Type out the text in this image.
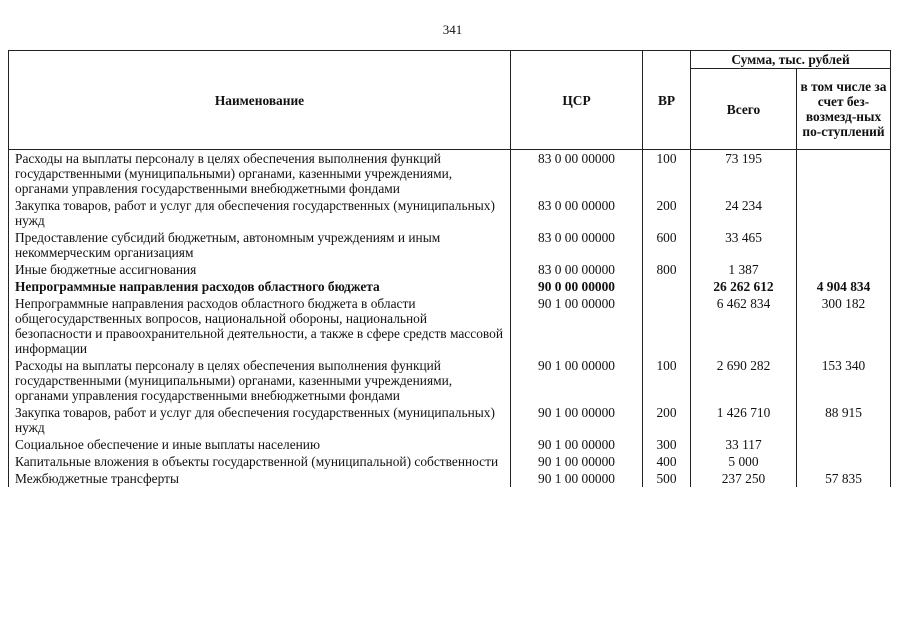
341
Наименование	ЦСР	ВР	Сумма, тыс. рублей	
			Всего	в том числе за счет без-возмезд-ных по-ступлений
Расходы на выплаты персоналу в целях обеспечения выполнения функций государственными (муниципальными) органами, казенными учреждениями, органами управления государственными внебюджетными фондами	83 0 00 00000	100	73 195	
Закупка товаров, работ и услуг для обеспечения государственных (муниципальных) нужд	83 0 00 00000	200	24 234	
Предоставление субсидий бюджетным, автономным учреждениям и иным некоммерческим организациям	83 0 00 00000	600	33 465	
Иные бюджетные ассигнования	83 0 00 00000	800	1 387	
Непрограммные направления расходов областного бюджета	90 0 00 00000		26 262 612	4 904 834
Непрограммные направления расходов областного бюджета в области общегосударственных вопросов, национальной обороны, национальной безопасности и правоохранительной деятельности, а также в сфере средств массовой информации	90 1 00 00000		6 462 834	300 182
Расходы на выплаты персоналу в целях обеспечения выполнения функций государственными (муниципальными) органами, казенными учреждениями, органами управления государственными внебюджетными фондами	90 1 00 00000	100	2 690 282	153 340
Закупка товаров, работ и услуг для обеспечения государственных (муниципальных) нужд	90 1 00 00000	200	1 426 710	88 915
Социальное обеспечение и иные выплаты населению	90 1 00 00000	300	33 117	
Капитальные вложения в объекты государственной (муниципальной) собственности	90 1 00 00000	400	5 000	
Межбюджетные трансферты	90 1 00 00000	500	237 250	57 835
